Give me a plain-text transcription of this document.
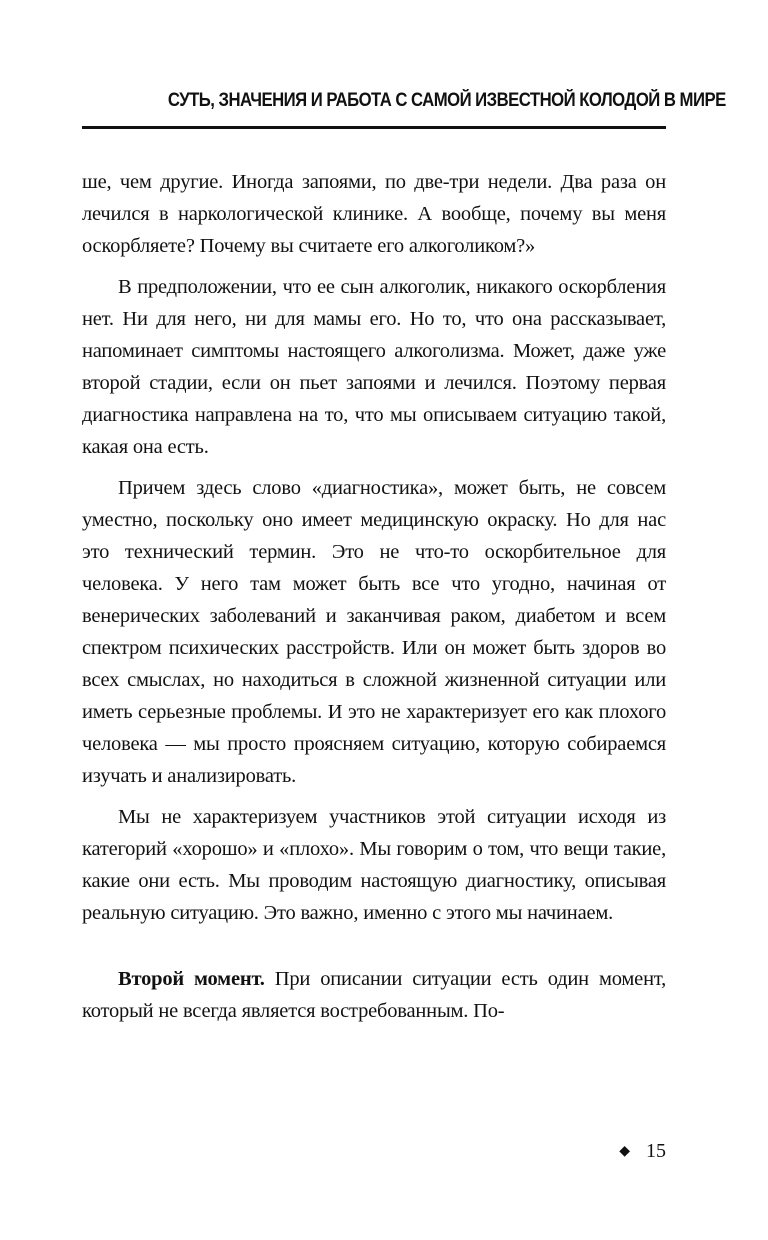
СУТЬ, ЗНАЧЕНИЯ И РАБОТА С САМОЙ ИЗВЕСТНОЙ КОЛОДОЙ В МИРЕ

ше, чем другие. Иногда запоями, по две-три недели. Два раза он лечился в наркологической клинике. А вообще, почему вы меня оскорбляете? Почему вы считаете его алкоголиком?»

В предположении, что ее сын алкоголик, никакого оскорбления нет. Ни для него, ни для мамы его. Но то, что она рассказывает, напоминает симптомы настоящего алкоголизма. Может, даже уже второй стадии, если он пьет запоями и лечился. Поэтому первая диагностика направлена на то, что мы описываем ситуацию такой, какая она есть.

Причем здесь слово «диагностика», может быть, не совсем уместно, поскольку оно имеет медицинскую окраску. Но для нас это технический термин. Это не что-то оскорбительное для человека. У него там может быть все что угодно, начиная от венерических заболеваний и заканчивая раком, диабетом и всем спектром психических расстройств. Или он может быть здоров во всех смыслах, но находиться в сложной жизненной ситуации или иметь серьезные проблемы. И это не характеризует его как плохого человека — мы просто проясняем ситуацию, которую собираемся изучать и анализировать.

Мы не характеризуем участников этой ситуации исходя из категорий «хорошо» и «плохо». Мы говорим о том, что вещи такие, какие они есть. Мы проводим настоящую диагностику, описывая реальную ситуацию. Это важно, именно с этого мы начинаем.

Второй момент. При описании ситуации есть один момент, который не всегда является востребованным. По-

◆ 15
